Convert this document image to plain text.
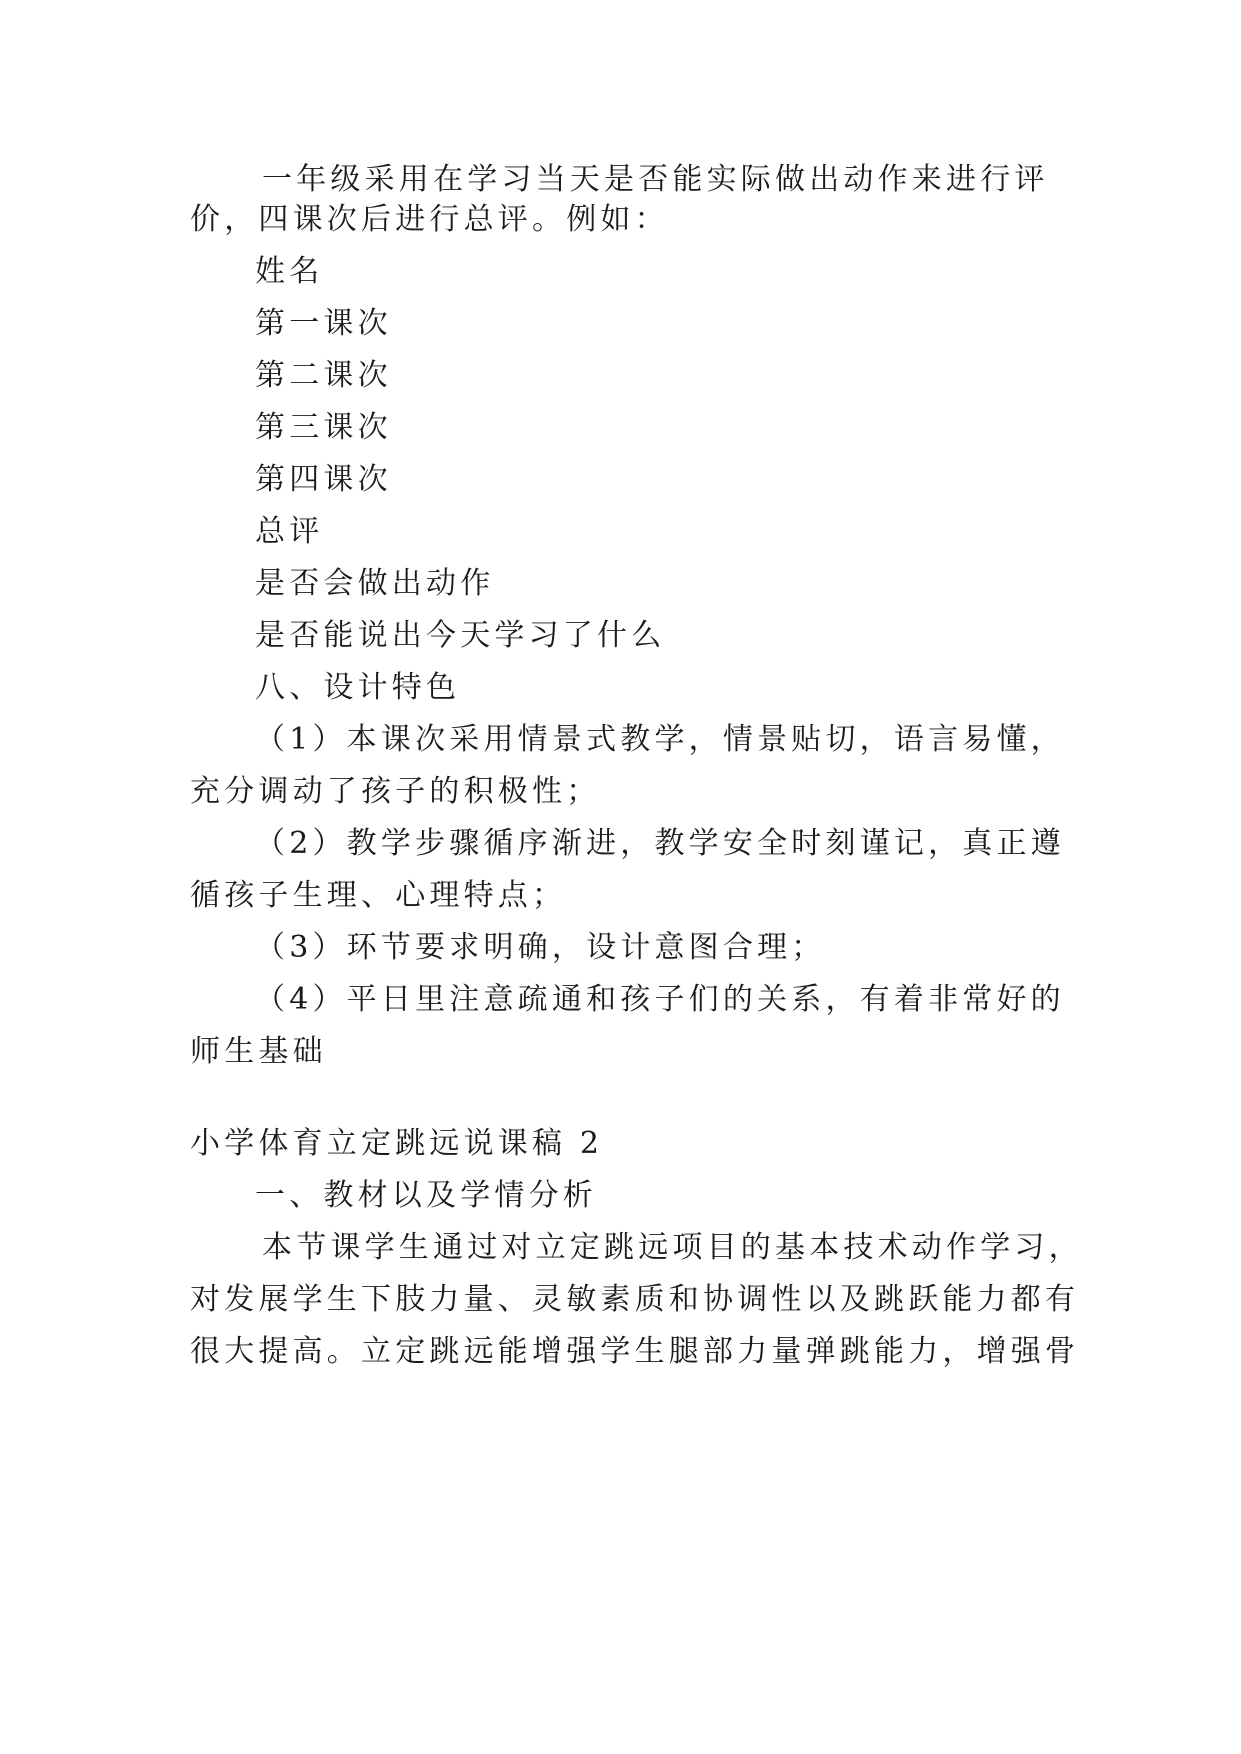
一年级采用在学习当天是否能实际做出动作来进行评
价，四课次后进行总评。例如：
姓名
第一课次
第二课次
第三课次
第四课次
总评
是否会做出动作
是否能说出今天学习了什么
八、设计特色
（1）本课次采用情景式教学，情景贴切，语言易懂，
充分调动了孩子的积极性；
（2）教学步骤循序渐进，教学安全时刻谨记，真正遵
循孩子生理、心理特点；
（3）环节要求明确，设计意图合理；
（4）平日里注意疏通和孩子们的关系，有着非常好的
师生基础
小学体育立定跳远说课稿 2
一、教材以及学情分析
本节课学生通过对立定跳远项目的基本技术动作学习，
对发展学生下肢力量、灵敏素质和协调性以及跳跃能力都有
很大提高。立定跳远能增强学生腿部力量弹跳能力，增强骨
